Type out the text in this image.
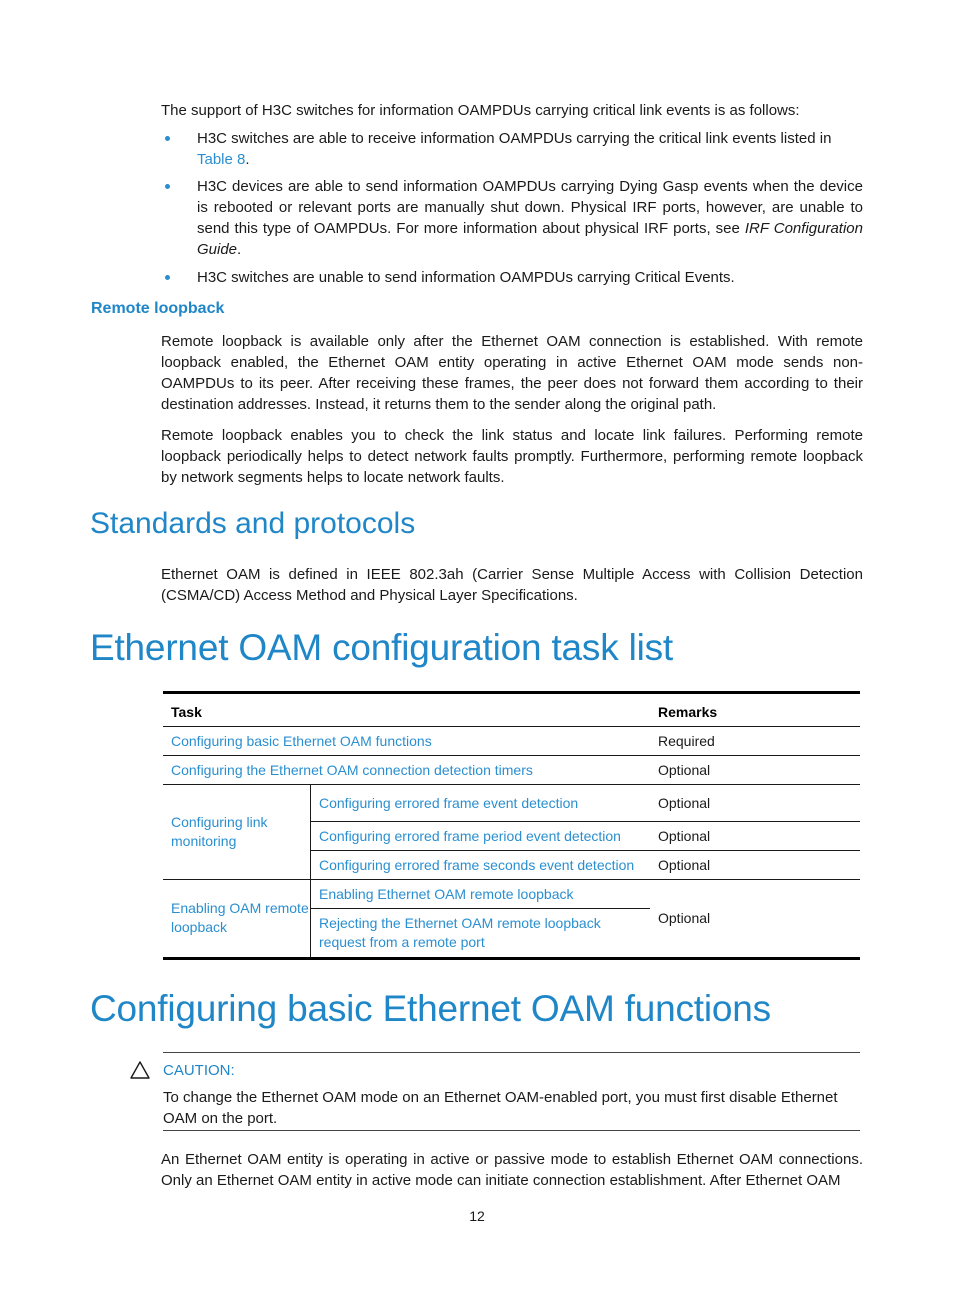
The support of H3C switches for information OAMPDUs carrying critical link events is as follows:

H3C switches are able to receive information OAMPDUs carrying the critical link events listed in Table 8.

H3C devices are able to send information OAMPDUs carrying Dying Gasp events when the device is rebooted or relevant ports are manually shut down. Physical IRF ports, however, are unable to send this type of OAMPDUs. For more information about physical IRF ports, see IRF Configuration Guide.

H3C switches are unable to send information OAMPDUs carrying Critical Events.

Remote loopback

Remote loopback is available only after the Ethernet OAM connection is established. With remote loopback enabled, the Ethernet OAM entity operating in active Ethernet OAM mode sends non-OAMPDUs to its peer. After receiving these frames, the peer does not forward them according to their destination addresses. Instead, it returns them to the sender along the original path.

Remote loopback enables you to check the link status and locate link failures. Performing remote loopback periodically helps to detect network faults promptly. Furthermore, performing remote loopback by network segments helps to locate network faults.

Standards and protocols

Ethernet OAM is defined in IEEE 802.3ah (Carrier Sense Multiple Access with Collision Detection (CSMA/CD) Access Method and Physical Layer Specifications.

Ethernet OAM configuration task list
Task		Remarks
Configuring basic Ethernet OAM functions		Required
Configuring the Ethernet OAM connection detection timers		Optional
Configuring link monitoring	Configuring errored frame event detection	Optional
	Configuring errored frame period event detection	Optional
	Configuring errored frame seconds event detection	Optional
Enabling OAM remote loopback	Enabling Ethernet OAM remote loopback	Optional
	Rejecting the Ethernet OAM remote loopback request from a remote port	
Configuring basic Ethernet OAM functions
CAUTION:

To change the Ethernet OAM mode on an Ethernet OAM-enabled port, you must first disable Ethernet OAM on the port.

An Ethernet OAM entity is operating in active or passive mode to establish Ethernet OAM connections. Only an Ethernet OAM entity in active mode can initiate connection establishment. After Ethernet OAM

12
